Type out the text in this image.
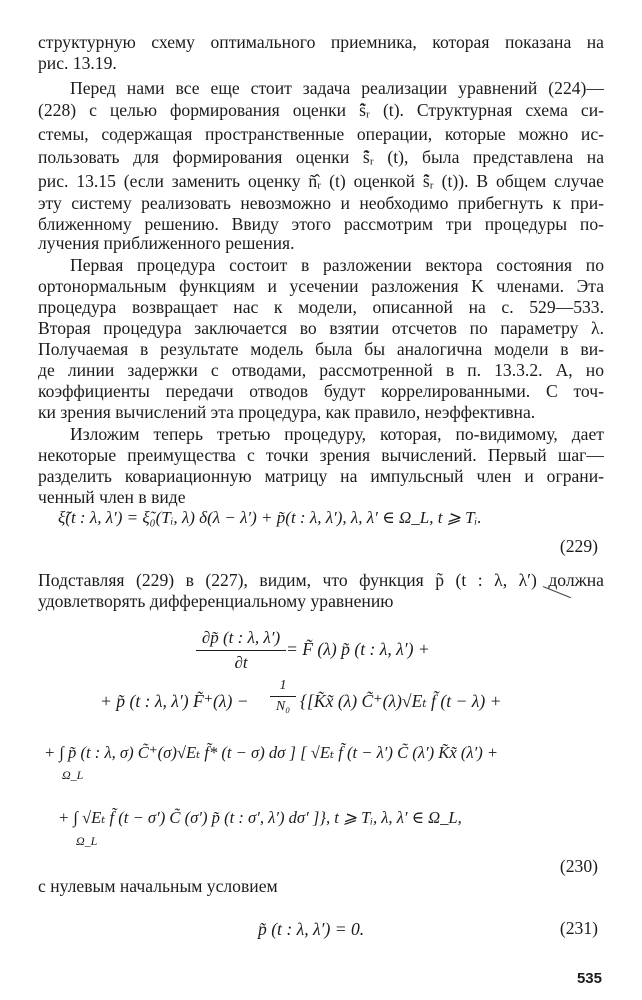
структурную схему оптимального приемника, которая показана на
рис. 13.19.
Перед нами все еще стоит задача реализации уравнений (224)—
(228) с целью формирования оценки s̃̂ᵣ (t). Структурная схема си-
стемы, содержащая пространственные операции, которые можно ис-
пользовать для формирования оценки s̃̂ᵣ (t), была представлена на
рис. 13.15 (если заменить оценку ñ̂ᵣ (t) оценкой s̃̂ᵣ (t)). В общем случае
эту систему реализовать невозможно и необходимо прибегнуть к при-
ближенному решению. Ввиду этого рассмотрим три процедуры по-
лучения приближенного решения.
Первая процедура состоит в разложении вектора состояния по
ортонормальным функциям и усечении разложения K членами. Эта
процедура возвращает нас к модели, описанной на с. 529—533.
Вторая процедура заключается во взятии отсчетов по параметру λ.
Получаемая в результате модель была бы аналогична модели в ви-
де линии задержки с отводами, рассмотренной в п. 13.3.2. A, но
коэффициенты передачи отводов будут коррелированными. С точ-
ки зрения вычислений эта процедура, как правило, неэффективна.
Изложим теперь третью процедуру, которая, по-видимому, дает
некоторые преимущества с точки зрения вычислений. Первый шаг—
разделить ковариационную матрицу на импульсный член и ограни-
ченный член в виде
ξ̃(t : λ, λ′) = ξ̃₀(Tᵢ, λ) δ(λ − λ′) + p̃(t : λ, λ′), λ, λ′ ∈ Ω_L, t ⩾ Tᵢ.
(229)
Подставляя (229) в (227), видим, что функция p̃ (t : λ, λ′) должна
удовлетворять дифференциальному уравнению
∂p̃ (t : λ, λ′)
∂t
= F̃ (λ) p̃ (t : λ, λ′) +
+ p̃ (t : λ, λ′) F̃⁺(λ) −
1
N₀ {[K̃x̃ (λ) C̃⁺(λ)√Eₜ f̃ (t − λ) +
+ ∫ p̃ (t : λ, σ) C̃⁺(σ)√Eₜ f̃* (t − σ) dσ ] [ √Eₜ f̃ (t − λ′) C̃ (λ′) K̃x̃ (λ′) +
Ω_L
+ ∫ √Eₜ f̃ (t − σ′) C̃ (σ′) p̃ (t : σ′, λ′) dσ′ ]}, t ⩾ Tᵢ, λ, λ′ ∈ Ω_L,
Ω_L
(230)
с нулевым начальным условием
p̃ (t : λ, λ′) = 0.	(231)
535
